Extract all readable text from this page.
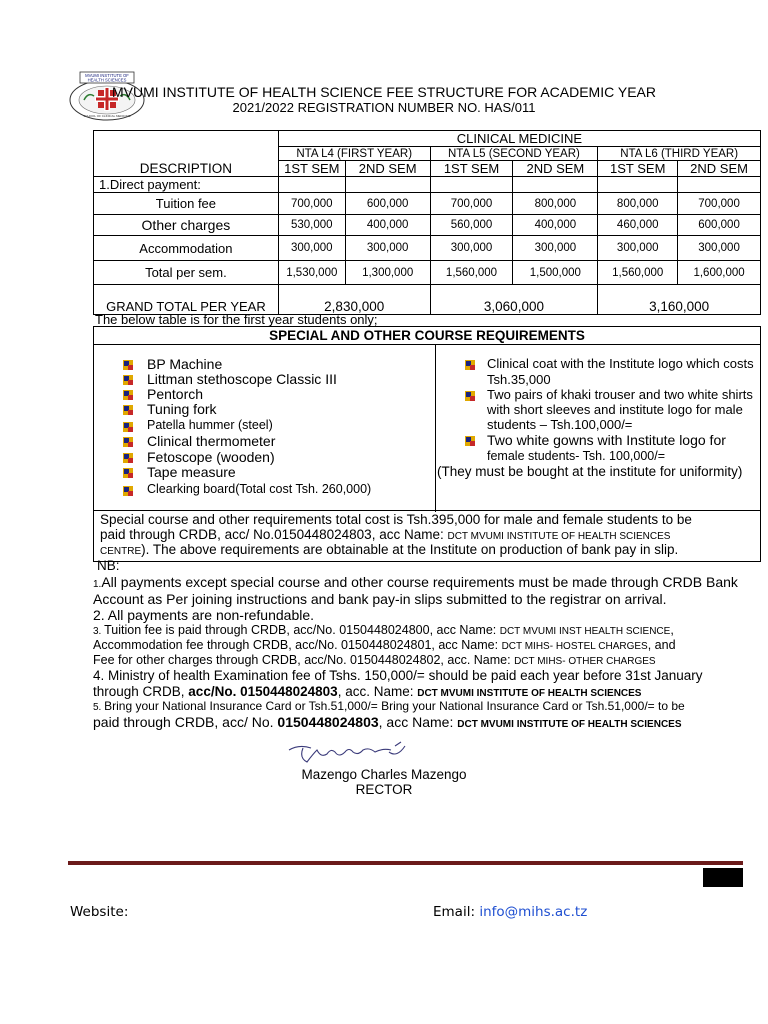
MVUMI INSTITUTE OF
HEALTH SCIENCES
SCHOOL OF CLINICAL MEDICINE
MVUMI INSTITUTE OF HEALTH SCIENCE FEE STRUCTURE FOR ACADEMIC YEAR
2021/2022 REGISTRATION NUMBER NO. HAS/011
DESCRIPTION	CLINICAL MEDICINE					
	NTA L4 (FIRST YEAR)		NTA L5 (SECOND YEAR)		NTA L6 (THIRD YEAR)	
	1ST SEM	2ND SEM	1ST SEM	2ND SEM	1ST SEM	2ND SEM
1.Direct payment:						
Tuition fee	700,000	600,000	700,000	800,000	800,000	700,000
Other charges	530,000	400,000	560,000	400,000	460,000	600,000
Accommodation	300,000	300,000	300,000	300,000	300,000	300,000
Total per sem.	1,530,000	1,300,000	1,560,000	1,500,000	1,560,000	1,600,000
GRAND TOTAL PER YEAR	2,830,000		3,060,000		3,160,000	
The below table is for the first year students only;
SPECIAL AND OTHER COURSE REQUIREMENTS
BP Machine
Littman stethoscope Classic III
Pentorch
Tuning fork
Patella hummer (steel)
Clinical thermometer
Fetoscope (wooden)
Tape measure
Clearking board(Total cost Tsh. 260,000)
Clinical coat with the Institute logo which costs
Tsh.35,000
Two pairs of khaki trouser and two white shirts
with short sleeves and institute logo for male
students – Tsh.100,000/=
Two white gowns with Institute logo for
female students- Tsh. 100,000/=
(They must be bought at the institute for uniformity)
Special course and other requirements total cost is Tsh.395,000 for male and female students to be
paid through CRDB, acc/ No.0150448024803, acc Name: DCT MVUMI INSTITUTE OF HEALTH SCIENCES
CENTRE). The above requirements are obtainable at the Institute on production of bank pay in slip.
NB:
1.All payments except special course and other course requirements must be made through CRDB Bank
Account as Per joining instructions and bank pay-in slips submitted to the registrar on arrival.
2. All payments are non-refundable.
3. Tuition fee is paid through CRDB, acc/No. 0150448024800, acc Name: DCT MVUMI INST HEALTH SCIENCE,
Accommodation fee through CRDB, acc/No. 0150448024801, acc Name: DCT MIHS- HOSTEL CHARGES, and
Fee for other charges through CRDB, acc/No. 0150448024802, acc. Name: DCT MIHS- OTHER CHARGES
4. Ministry of health Examination fee of Tshs. 150,000/= should be paid each year before 31st January
through CRDB, acc/No. 0150448024803, acc. Name: DCT MVUMI INSTITUTE OF HEALTH SCIENCES
5. Bring your National Insurance Card or Tsh.51,000/= Bring your National Insurance Card or Tsh.51,000/= to be
paid through CRDB, acc/ No. 0150448024803, acc Name: DCT MVUMI INSTITUTE OF HEALTH SCIENCES
Mazengo Charles Mazengo
RECTOR
Website:	Email: info@mihs.ac.tz
